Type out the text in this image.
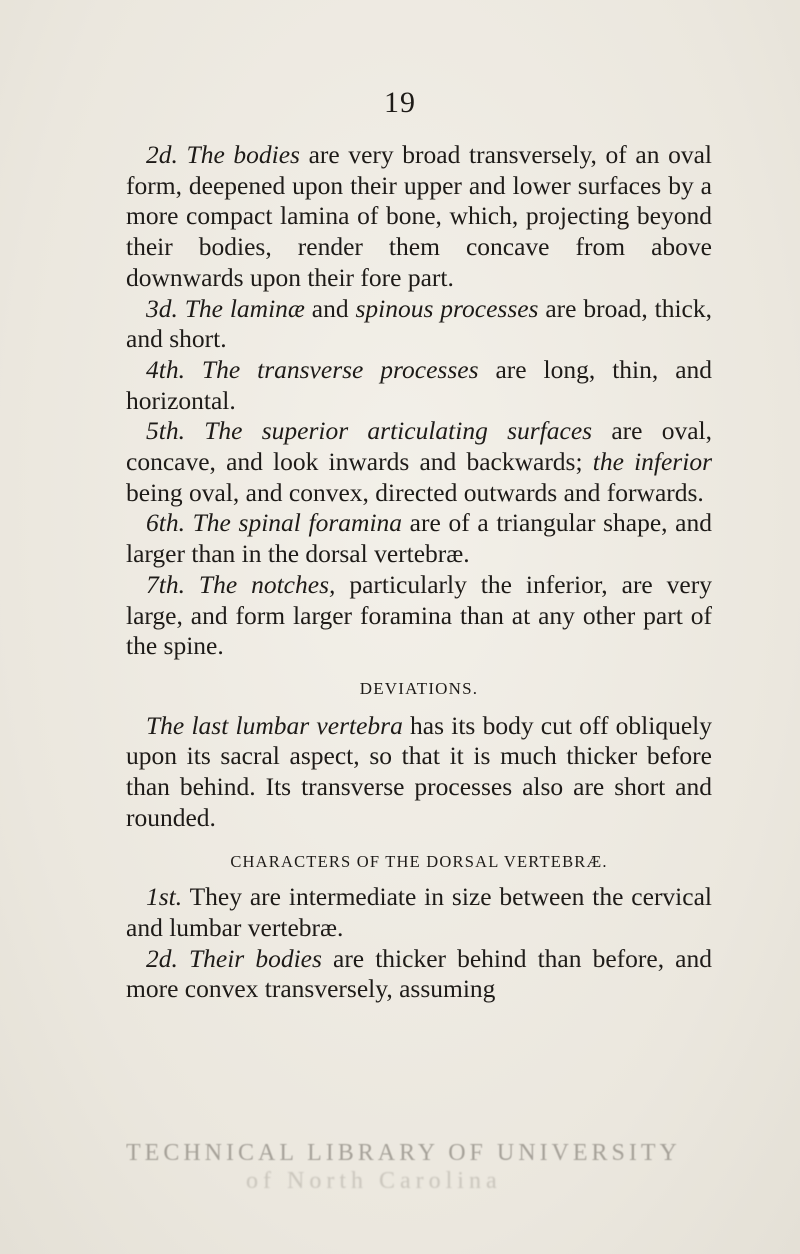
19

2d. The bodies are very broad transversely, of an oval form, deepened upon their upper and lower surfaces by a more compact lamina of bone, which, projecting beyond their bodies, render them concave from above downwards upon their fore part.

3d. The laminæ and spinous processes are broad, thick, and short.

4th. The transverse processes are long, thin, and horizontal.

5th. The superior articulating surfaces are oval, concave, and look inwards and backwards; the inferior being oval, and convex, directed outwards and forwards.

6th. The spinal foramina are of a triangular shape, and larger than in the dorsal vertebræ.

7th. The notches, particularly the inferior, are very large, and form larger foramina than at any other part of the spine.

DEVIATIONS.

The last lumbar vertebra has its body cut off obliquely upon its sacral aspect, so that it is much thicker before than behind. Its transverse processes also are short and rounded.

CHARACTERS OF THE DORSAL VERTEBRÆ.

1st. They are intermediate in size between the cervical and lumbar vertebræ.

2d. Their bodies are thicker behind than before, and more convex transversely, assuming

TECHNICAL LIBRARY OF UNIVERSITY
of North Carolina
